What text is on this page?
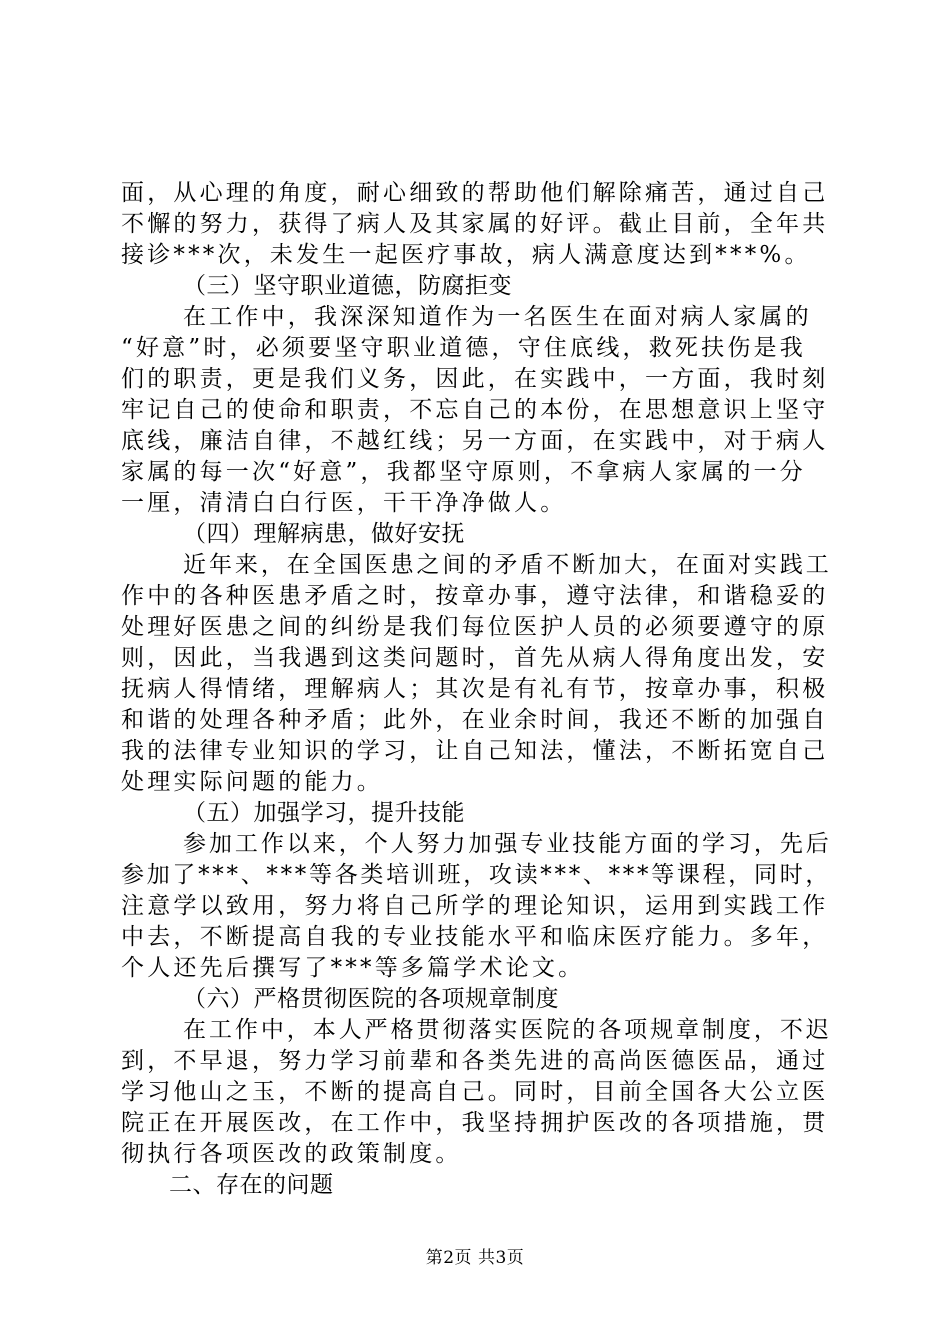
面，从心理的角度，耐心细致的帮助他们解除痛苦，通过自己
不懈的努力，获得了病人及其家属的好评。截止目前，全年共
接诊***次，未发生一起医疗事故，病人满意度达到***%。
（三）坚守职业道德，防腐拒变
在工作中，我深深知道作为一名医生在面对病人家属的
“好意”时，必须要坚守职业道德，守住底线，救死扶伤是我
们的职责，更是我们义务，因此，在实践中，一方面，我时刻
牢记自己的使命和职责，不忘自己的本份，在思想意识上坚守
底线，廉洁自律，不越红线；另一方面，在实践中，对于病人
家属的每一次“好意”，我都坚守原则，不拿病人家属的一分
一厘，清清白白行医，干干净净做人。
（四）理解病患，做好安抚
近年来，在全国医患之间的矛盾不断加大，在面对实践工
作中的各种医患矛盾之时，按章办事，遵守法律，和谐稳妥的
处理好医患之间的纠纷是我们每位医护人员的必须要遵守的原
则，因此，当我遇到这类问题时，首先从病人得角度出发，安
抚病人得情绪，理解病人；其次是有礼有节，按章办事，积极
和谐的处理各种矛盾；此外，在业余时间，我还不断的加强自
我的法律专业知识的学习，让自己知法，懂法，不断拓宽自己
处理实际问题的能力。
（五）加强学习，提升技能
参加工作以来，个人努力加强专业技能方面的学习，先后
参加了***、***等各类培训班，攻读***、***等课程，同时，
注意学以致用，努力将自己所学的理论知识，运用到实践工作
中去，不断提高自我的专业技能水平和临床医疗能力。多年，
个人还先后撰写了***等多篇学术论文。
（六）严格贯彻医院的各项规章制度
在工作中，本人严格贯彻落实医院的各项规章制度，不迟
到，不早退，努力学习前辈和各类先进的高尚医德医品，通过
学习他山之玉，不断的提高自己。同时，目前全国各大公立医
院正在开展医改，在工作中，我坚持拥护医改的各项措施，贯
彻执行各项医改的政策制度。
二、存在的问题
第2页 共3页
